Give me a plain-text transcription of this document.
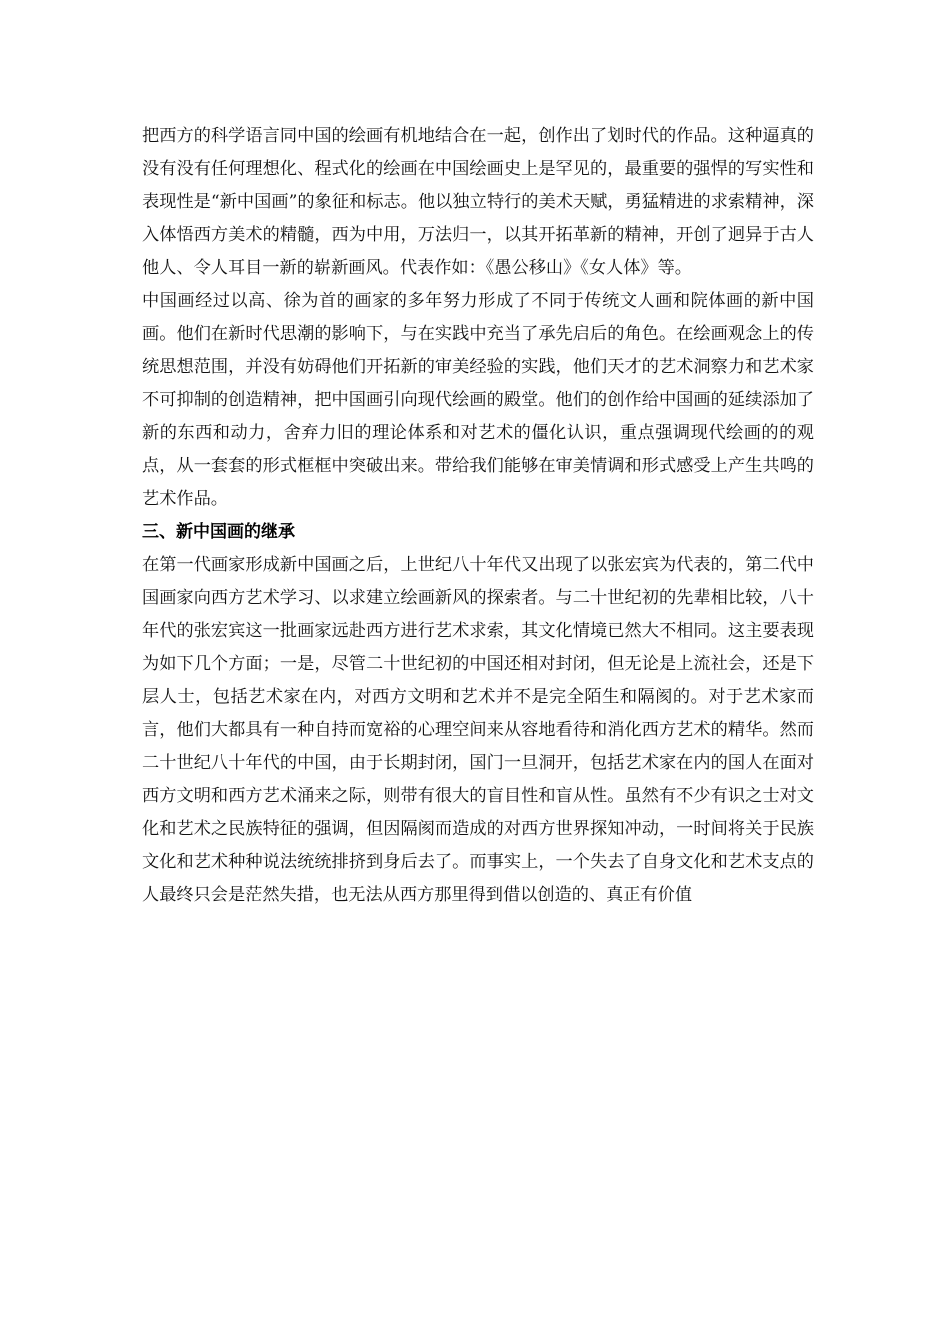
把西方的科学语言同中国的绘画有机地结合在一起，创作出了划时代的作品。这种逼真的没有没有任何理想化、程式化的绘画在中国绘画史上是罕见的，最重要的强悍的写实性和表现性是“新中国画”的象征和标志。他以独立特行的美术天赋，勇猛精进的求索精神，深入体悟西方美术的精髓，西为中用，万法归一，以其开拓革新的精神，开创了迥异于古人他人、令人耳目一新的崭新画风。代表作如：《愚公移山》《女人体》等。

中国画经过以高、徐为首的画家的多年努力形成了不同于传统文人画和院体画的新中国画。他们在新时代思潮的影响下，与在实践中充当了承先启后的角色。在绘画观念上的传统思想范围，并没有妨碍他们开拓新的审美经验的实践，他们天才的艺术洞察力和艺术家不可抑制的创造精神，把中国画引向现代绘画的殿堂。他们的创作给中国画的延续添加了新的东西和动力，舍弃力旧的理论体系和对艺术的僵化认识，重点强调现代绘画的的观点，从一套套的形式框框中突破出来。带给我们能够在审美情调和形式感受上产生共鸣的艺术作品。

三、新中国画的继承

在第一代画家形成新中国画之后，上世纪八十年代又出现了以张宏宾为代表的，第二代中国画家向西方艺术学习、以求建立绘画新风的探索者。与二十世纪初的先辈相比较，八十年代的张宏宾这一批画家远赴西方进行艺术求索，其文化情境已然大不相同。这主要表现为如下几个方面；一是，尽管二十世纪初的中国还相对封闭，但无论是上流社会，还是下层人士，包括艺术家在内，对西方文明和艺术并不是完全陌生和隔阂的。对于艺术家而言，他们大都具有一种自持而宽裕的心理空间来从容地看待和消化西方艺术的精华。然而二十世纪八十年代的中国，由于长期封闭，国门一旦洞开，包括艺术家在内的国人在面对西方文明和西方艺术涌来之际，则带有很大的盲目性和盲从性。虽然有不少有识之士对文化和艺术之民族特征的强调，但因隔阂而造成的对西方世界探知冲动，一时间将关于民族文化和艺术种种说法统统排挤到身后去了。而事实上，一个失去了自身文化和艺术支点的人最终只会是茫然失措，也无法从西方那里得到借以创造的、真正有价值
